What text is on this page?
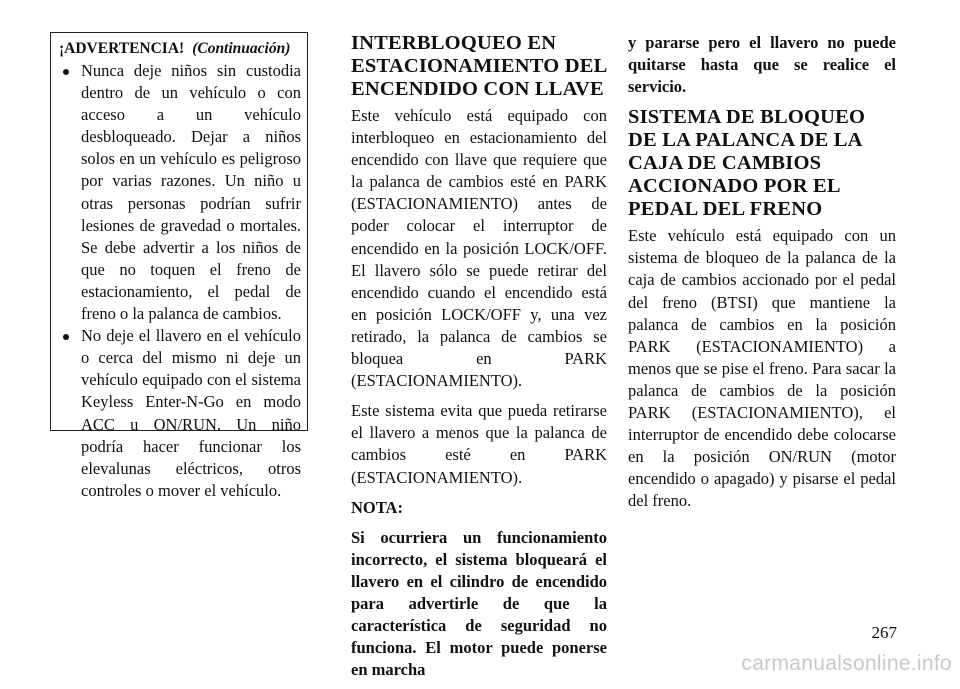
¡ADVERTENCIA! (Continuación)
Nunca deje niños sin custodia dentro de un vehículo o con acceso a un vehículo desbloqueado. Dejar a niños solos en un vehículo es peligroso por varias razones. Un niño u otras personas podrían sufrir lesiones de gravedad o mortales. Se debe advertir a los niños de que no toquen el freno de estacionamiento, el pedal de freno o la palanca de cambios.
No deje el llavero en el vehículo o cerca del mismo ni deje un vehículo equipado con el sistema Keyless Enter-N-Go en modo ACC u ON/RUN. Un niño podría hacer funcionar los elevalunas eléctricos, otros controles o mover el vehículo.
INTERBLOQUEO EN ESTACIONAMIENTO DEL ENCENDIDO CON LLAVE

Este vehículo está equipado con interbloqueo en estacionamiento del encendido con llave que requiere que la palanca de cambios esté en PARK (ESTACIONAMIENTO) antes de poder colocar el interruptor de encendido en la posición LOCK/OFF. El llavero sólo se puede retirar del encendido cuando el encendido está en posición LOCK/OFF y, una vez retirado, la palanca de cambios se bloquea en PARK (ESTACIONAMIENTO).

Este sistema evita que pueda retirarse el llavero a menos que la palanca de cambios esté en PARK (ESTACIONAMIENTO).

NOTA:

Si ocurriera un funcionamiento incorrecto, el sistema bloqueará el llavero en el cilindro de encendido para advertirle de que la característica de seguridad no funciona. El motor puede ponerse en marcha

y pararse pero el llavero no puede quitarse hasta que se realice el servicio.

SISTEMA DE BLOQUEO DE LA PALANCA DE LA CAJA DE CAMBIOS ACCIONADO POR EL PEDAL DEL FRENO

Este vehículo está equipado con un sistema de bloqueo de la palanca de la caja de cambios accionado por el pedal del freno (BTSI) que mantiene la palanca de cambios en la posición PARK (ESTACIONAMIENTO) a menos que se pise el freno. Para sacar la palanca de cambios de la posición PARK (ESTACIONAMIENTO), el interruptor de encendido debe colocarse en la posición ON/RUN (motor encendido o apagado) y pisarse el pedal del freno.

267
carmanualsonline.info
